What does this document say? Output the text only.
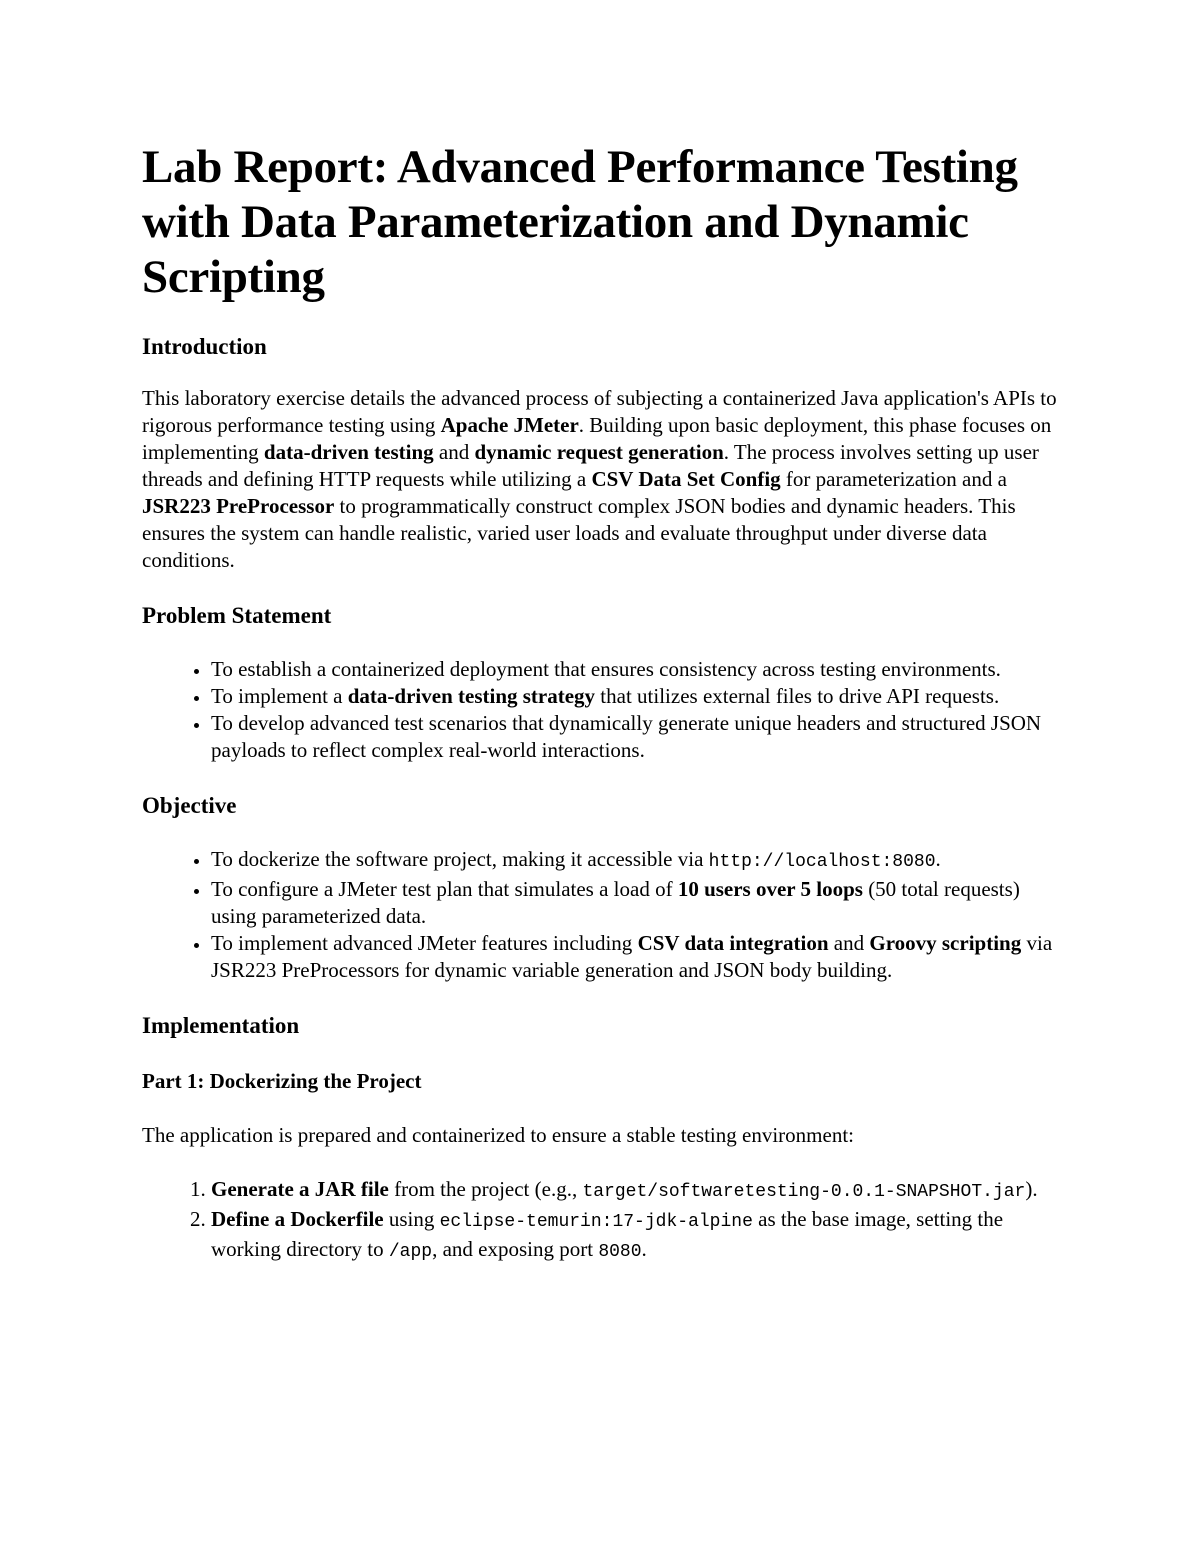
Lab Report: Advanced Performance Testing with Data Parameterization and Dynamic Scripting
Introduction

This laboratory exercise details the advanced process of subjecting a containerized Java application's APIs to rigorous performance testing using Apache JMeter. Building upon basic deployment, this phase focuses on implementing data-driven testing and dynamic request generation. The process involves setting up user threads and defining HTTP requests while utilizing a CSV Data Set Config for parameterization and a JSR223 PreProcessor to programmatically construct complex JSON bodies and dynamic headers. This ensures the system can handle realistic, varied user loads and evaluate throughput under diverse data conditions.

Problem Statement
• To establish a containerized deployment that ensures consistency across testing environments.
• To implement a data-driven testing strategy that utilizes external files to drive API requests.
• To develop advanced test scenarios that dynamically generate unique headers and structured JSON payloads to reflect complex real-world interactions.
Objective
• To dockerize the software project, making it accessible via http://localhost:8080.
• To configure a JMeter test plan that simulates a load of 10 users over 5 loops (50 total requests) using parameterized data.
• To implement advanced JMeter features including CSV data integration and Groovy scripting via JSR223 PreProcessors for dynamic variable generation and JSON body building.
Implementation
Part 1: Dockerizing the Project

The application is prepared and containerized to ensure a stable testing environment:

1. Generate a JAR file from the project (e.g., target/softwaretesting-0.0.1-SNAPSHOT.jar).
2. Define a Dockerfile using eclipse-temurin:17-jdk-alpine as the base image, setting the working directory to /app, and exposing port 8080.
